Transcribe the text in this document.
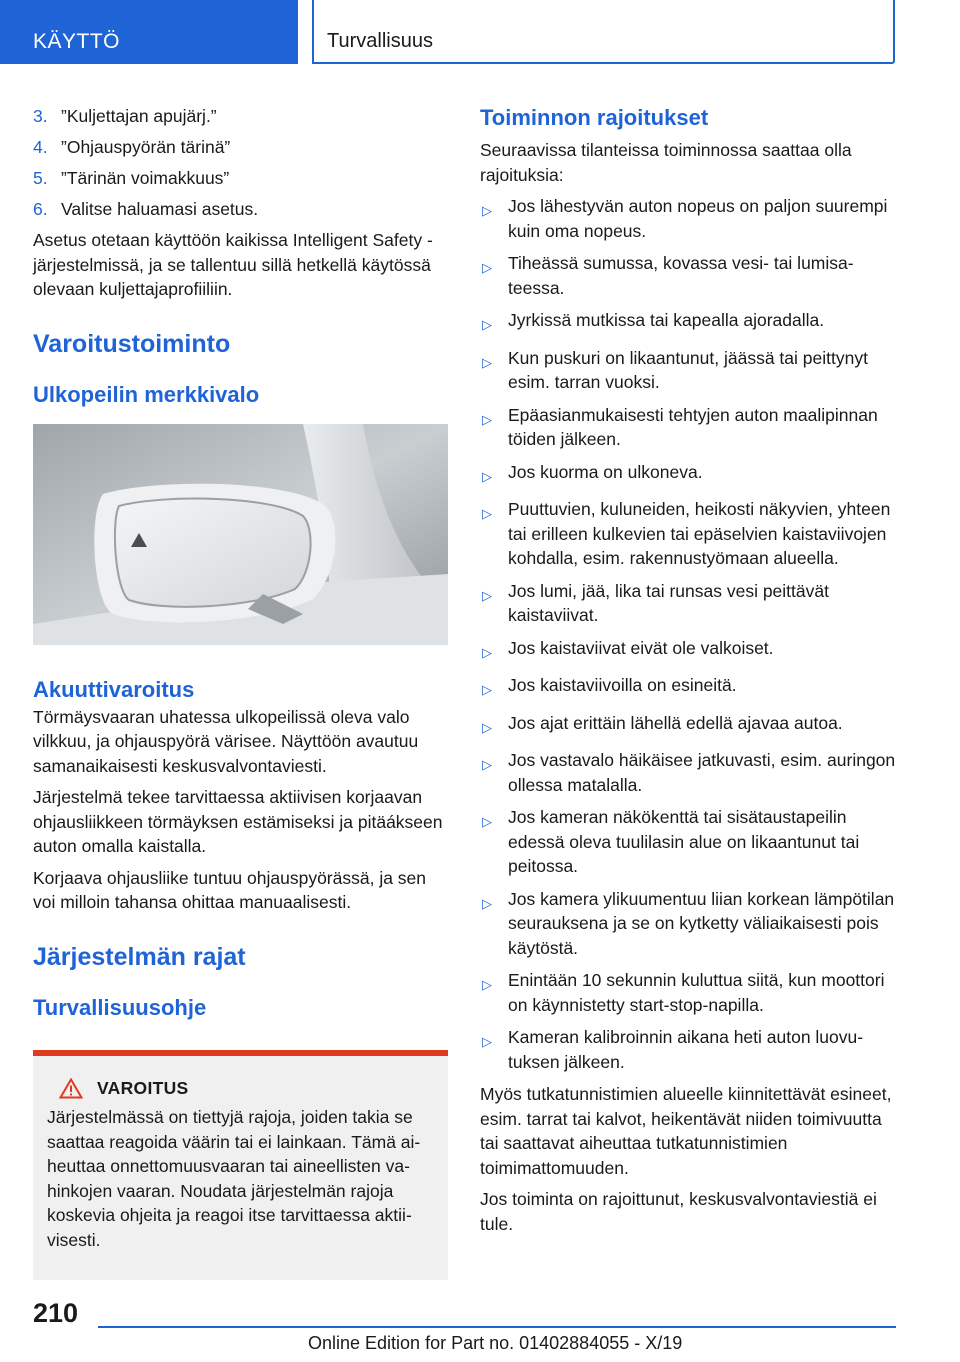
KÄYTTÖ	Turvallisuus
3. ”Kuljettajan apujärj.”
4. ”Ohjauspyörän tärinä”
5. ”Tärinän voimakkuus”
6. Valitse haluamasi asetus.

Asetus otetaan käyttöön kaikissa Intelligent Safety -järjestelmissä, ja se tallentuu sillä hetkellä käytössä olevaan kuljettajaprofiiliin.

Varoitustoiminto
Ulkopeilin merkkivalo
Akuuttivaroitus

Törmäysvaaran uhatessa ulkopeilissä oleva valo vilkkuu, ja ohjauspyörä värisee. Näyttöön avautuu samanaikaisesti keskusvalvontaviesti.

Järjestelmä tekee tarvittaessa aktiivisen korjaavan ohjausliikkeen törmäyksen estämiseksi ja pitäákseen auton omalla kaistalla.

Korjaava ohjausliike tuntuu ohjauspyörässä, ja sen voi milloin tahansa ohittaa manuaalisesti.

Järjestelmän rajat
Turvallisuusohje
VAROITUS

Järjestelmässä on tiettyjä rajoja, joiden takia se saattaa reagoida väärin tai ei lainkaan. Tämä aiheuttaa onnettomuusvaaran tai aineellisten vahinkojen vaaran. Noudata järjestelmän rajoja koskevia ohjeita ja reagoi itse tarvittaessa aktiivisesti.

Toiminnon rajoitukset

Seuraavissa tilanteissa toiminnossa saattaa olla rajoituksia:

▷ Jos lähestyvän auton nopeus on paljon suurempi kuin oma nopeus.
▷ Tiheässä sumussa, kovassa vesi- tai lumisateessa.
▷ Jyrkissä mutkissa tai kapealla ajoradalla.
▷ Kun puskuri on likaantunut, jäässä tai peittynyt esim. tarran vuoksi.
▷ Epäasianmukaisesti tehtyjen auton maalipinnan töiden jälkeen.
▷ Jos kuorma on ulkoneva.
▷ Puuttuvien, kuluneiden, heikosti näkyvien, yhteen tai erilleen kulkevien tai epäselvien kaistaviivojen kohdalla, esim. rakennustyömaan alueella.
▷ Jos lumi, jää, lika tai runsas vesi peittävät kaistaviivat.
▷ Jos kaistaviivat eivät ole valkoiset.
▷ Jos kaistaviivoilla on esineitä.
▷ Jos ajat erittäin lähellä edellä ajavaa autoa.
▷ Jos vastavalo häikäisee jatkuvasti, esim. auringon ollessa matalalla.
▷ Jos kameran näkökenttä tai sisätaustapeilin edessä oleva tuulilasin alue on likaantunut tai peitossa.
▷ Jos kamera ylikuumentuu liian korkean lämpötilan seurauksena ja se on kytketty väliaikaisesti pois käytöstä.
▷ Enintään 10 sekunnin kuluttua siitä, kun moottori on käynnistetty start-stop-napilla.
▷ Kameran kalibroinnin aikana heti auton luovutuksen jälkeen.

Myös tutkatunnistimien alueelle kiinnitettävät esineet, esim. tarrat tai kalvot, heikentävät niiden toimivuutta tai saattavat aiheuttaa tutkatunnistimien toimimattomuuden.

Jos toiminta on rajoittunut, keskusvalvontaviestiä ei tule.

210
Online Edition for Part no. 01402884055 - X/19
